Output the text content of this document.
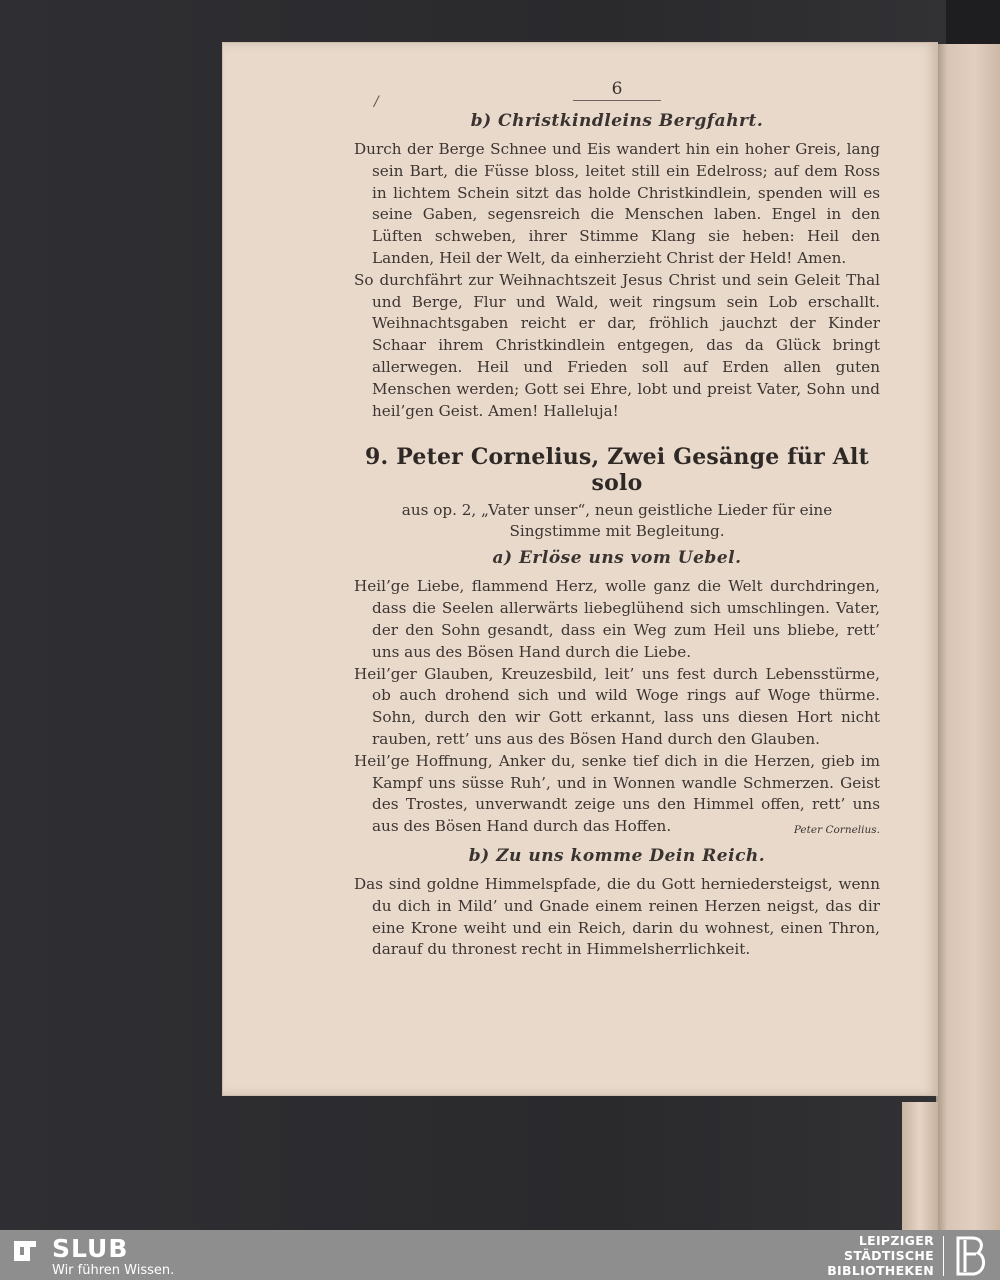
/
6
b) Christkindleins Bergfahrt.

Durch der Berge Schnee und Eis wandert hin ein hoher Greis, lang sein Bart, die Füsse bloss, leitet still ein Edelross; auf dem Ross in lichtem Schein sitzt das holde Christkindlein, spenden will es seine Gaben, segensreich die Menschen laben. Engel in den Lüften schweben, ihrer Stimme Klang sie heben: Heil den Landen, Heil der Welt, da einherzieht Christ der Held! Amen.

So durchfährt zur Weihnachtszeit Jesus Christ und sein Geleit Thal und Berge, Flur und Wald, weit ringsum sein Lob erschallt. Weihnachtsgaben reicht er dar, fröhlich jauchzt der Kinder Schaar ihrem Christkindlein entgegen, das da Glück bringt allerwegen. Heil und Frieden soll auf Erden allen guten Menschen werden; Gott sei Ehre, lobt und preist Vater, Sohn und heil’gen Geist. Amen! Halleluja!

9. Peter Cornelius, Zwei Gesänge für Alt solo
aus op. 2, „Vater unser“, neun geistliche Lieder für eine
Singstimme mit Begleitung.
a) Erlöse uns vom Uebel.

Heil’ge Liebe, flammend Herz, wolle ganz die Welt durchdringen, dass die Seelen allerwärts liebeglühend sich umschlingen. Vater, der den Sohn gesandt, dass ein Weg zum Heil uns bliebe, rett’ uns aus des Bösen Hand durch die Liebe.

Heil’ger Glauben, Kreuzesbild, leit’ uns fest durch Lebensstürme, ob auch drohend sich und wild Woge rings auf Woge thürme. Sohn, durch den wir Gott erkannt, lass uns diesen Hort nicht rauben, rett’ uns aus des Bösen Hand durch den Glauben.

Heil’ge Hoffnung, Anker du, senke tief dich in die Herzen, gieb im Kampf uns süsse Ruh’, und in Wonnen wandle Schmerzen. Geist des Trostes, unverwandt zeige uns den Himmel offen, rett’ uns aus des Bösen Hand durch das Hoffen.	Peter Cornelius.

b) Zu uns komme Dein Reich.

Das sind goldne Himmelspfade, die du Gott herniedersteigst, wenn du dich in Mild’ und Gnade einem reinen Herzen neigst, das dir eine Krone weiht und ein Reich, darin du wohnest, einen Thron, darauf du thronest recht in Himmelsherrlichkeit.

SLUB
Wir führen Wissen.
LEIPZIGER
STÄDTISCHE
BIBLIOTHEKEN
